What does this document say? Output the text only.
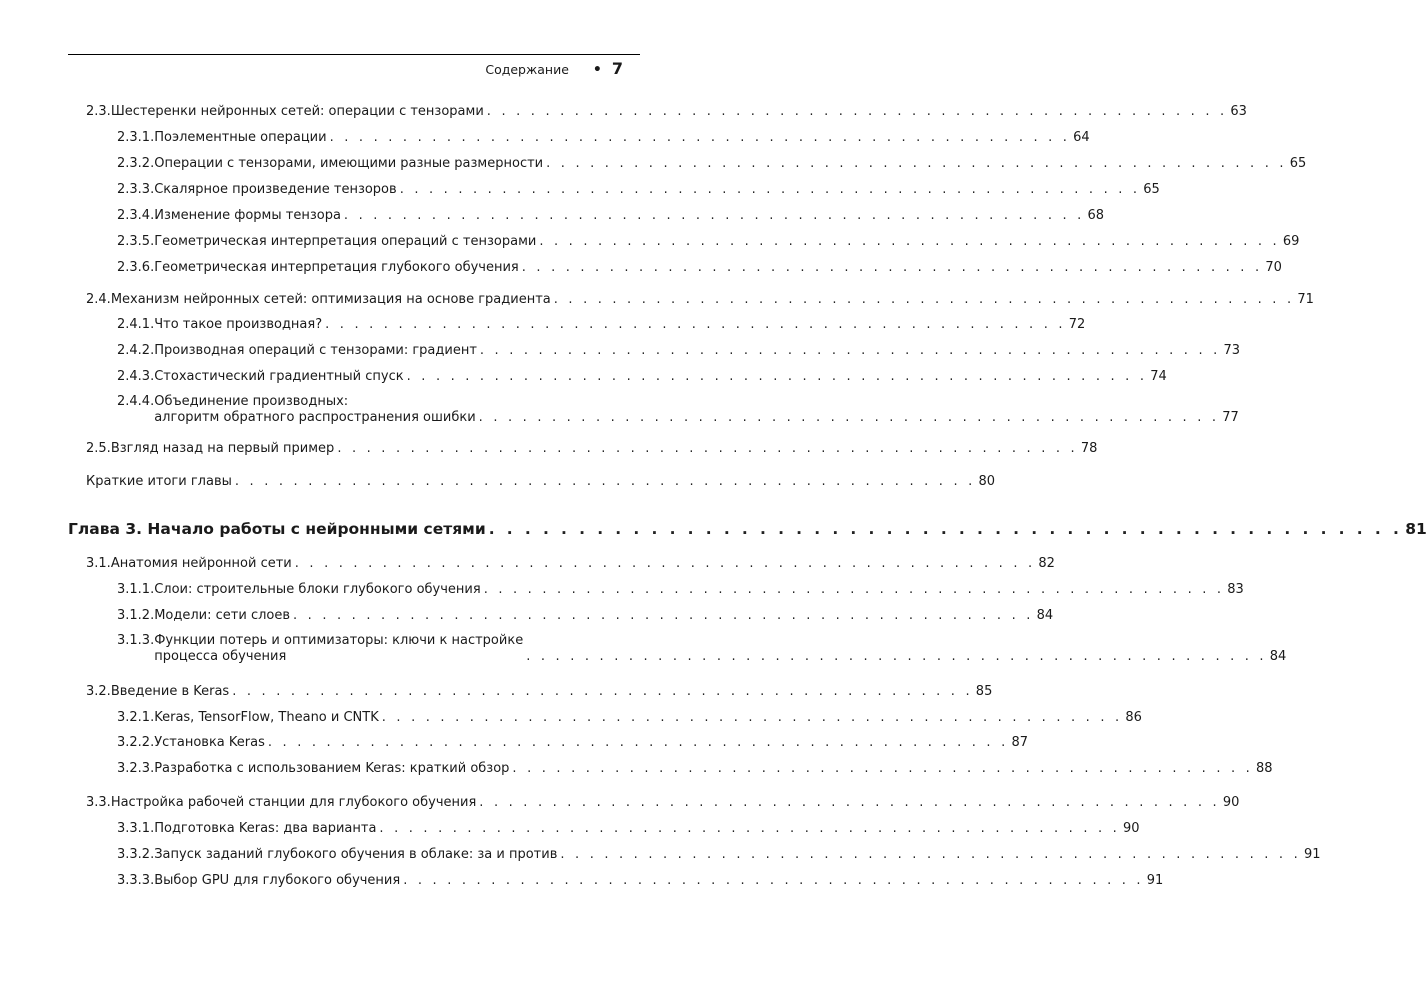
Содержание • 7
2.3. Шестеренки нейронных сетей: операции с тензорами . . . . . . . . . . . . . . . . . . . . . . . . . . . . . . . . . . . . . . . . . . . . . . . . . . . 63
2.3.1. Поэлементные операции . . . . . . . . . . . . . . . . . . . . . . . . . . . . . . . . . . . . . . . . . . . . . . . . . . . 64
2.3.2. Операции с тензорами, имеющими разные размерности . . . . . . . . . . . . . . . . . . . . . . . . . . . . . . . . . . . . . . . . . . . . . . . . . . . 65
2.3.3. Скалярное произведение тензоров . . . . . . . . . . . . . . . . . . . . . . . . . . . . . . . . . . . . . . . . . . . . . . . . . . . 65
2.3.4. Изменение формы тензора . . . . . . . . . . . . . . . . . . . . . . . . . . . . . . . . . . . . . . . . . . . . . . . . . . . 68
2.3.5. Геометрическая интерпретация операций с тензорами . . . . . . . . . . . . . . . . . . . . . . . . . . . . . . . . . . . . . . . . . . . . . . . . . . . 69
2.3.6. Геометрическая интерпретация глубокого обучения . . . . . . . . . . . . . . . . . . . . . . . . . . . . . . . . . . . . . . . . . . . . . . . . . . . 70
2.4. Механизм нейронных сетей: оптимизация на основе градиента . . . . . . . . . . . . . . . . . . . . . . . . . . . . . . . . . . . . . . . . . . . . . . . . . . . 71
2.4.1. Что такое производная? . . . . . . . . . . . . . . . . . . . . . . . . . . . . . . . . . . . . . . . . . . . . . . . . . . . 72
2.4.2. Производная операций с тензорами: градиент . . . . . . . . . . . . . . . . . . . . . . . . . . . . . . . . . . . . . . . . . . . . . . . . . . . 73
2.4.3. Стохастический градиентный спуск . . . . . . . . . . . . . . . . . . . . . . . . . . . . . . . . . . . . . . . . . . . . . . . . . . . 74
2.4.4. Объединение производных:
алгоритм обратного распространения ошибки . . . . . . . . . . . . . . . . . . . . . . . . . . . . . . . . . . . . . . . . . . . . . . . . . . . 77
2.5. Взгляд назад на первый пример . . . . . . . . . . . . . . . . . . . . . . . . . . . . . . . . . . . . . . . . . . . . . . . . . . . 78
Краткие итоги главы . . . . . . . . . . . . . . . . . . . . . . . . . . . . . . . . . . . . . . . . . . . . . . . . . . . 80
Глава 3. Начало работы с нейронными сетями . . . . . . . . . . . . . . . . . . . . . . . . . . . . . . . . . . . . . . . . . . . . . . . . . . . 81
3.1. Анатомия нейронной сети . . . . . . . . . . . . . . . . . . . . . . . . . . . . . . . . . . . . . . . . . . . . . . . . . . . 82
3.1.1. Слои: строительные блоки глубокого обучения . . . . . . . . . . . . . . . . . . . . . . . . . . . . . . . . . . . . . . . . . . . . . . . . . . . 83
3.1.2. Модели: сети слоев . . . . . . . . . . . . . . . . . . . . . . . . . . . . . . . . . . . . . . . . . . . . . . . . . . . 84
3.1.3. Функции потерь и оптимизаторы: ключи к настройке
процесса обучения	. . . . . . . . . . . . . . . . . . . . . . . . . . . . . . . . . . . . . . . . . . . . . . . . . . . 84
3.2. Введение в Keras . . . . . . . . . . . . . . . . . . . . . . . . . . . . . . . . . . . . . . . . . . . . . . . . . . . 85
3.2.1. Keras, TensorFlow, Theano и CNTK . . . . . . . . . . . . . . . . . . . . . . . . . . . . . . . . . . . . . . . . . . . . . . . . . . . 86
3.2.2. Установка Keras . . . . . . . . . . . . . . . . . . . . . . . . . . . . . . . . . . . . . . . . . . . . . . . . . . . 87
3.2.3. Разработка с использованием Keras: краткий обзор . . . . . . . . . . . . . . . . . . . . . . . . . . . . . . . . . . . . . . . . . . . . . . . . . . . 88
3.3. Настройка рабочей станции для глубокого обучения . . . . . . . . . . . . . . . . . . . . . . . . . . . . . . . . . . . . . . . . . . . . . . . . . . . 90
3.3.1. Подготовка Keras: два варианта . . . . . . . . . . . . . . . . . . . . . . . . . . . . . . . . . . . . . . . . . . . . . . . . . . . 90
3.3.2. Запуск заданий глубокого обучения в облаке: за и против . . . . . . . . . . . . . . . . . . . . . . . . . . . . . . . . . . . . . . . . . . . . . . . . . . . 91
3.3.3. Выбор GPU для глубокого обучения . . . . . . . . . . . . . . . . . . . . . . . . . . . . . . . . . . . . . . . . . . . . . . . . . . . 91
